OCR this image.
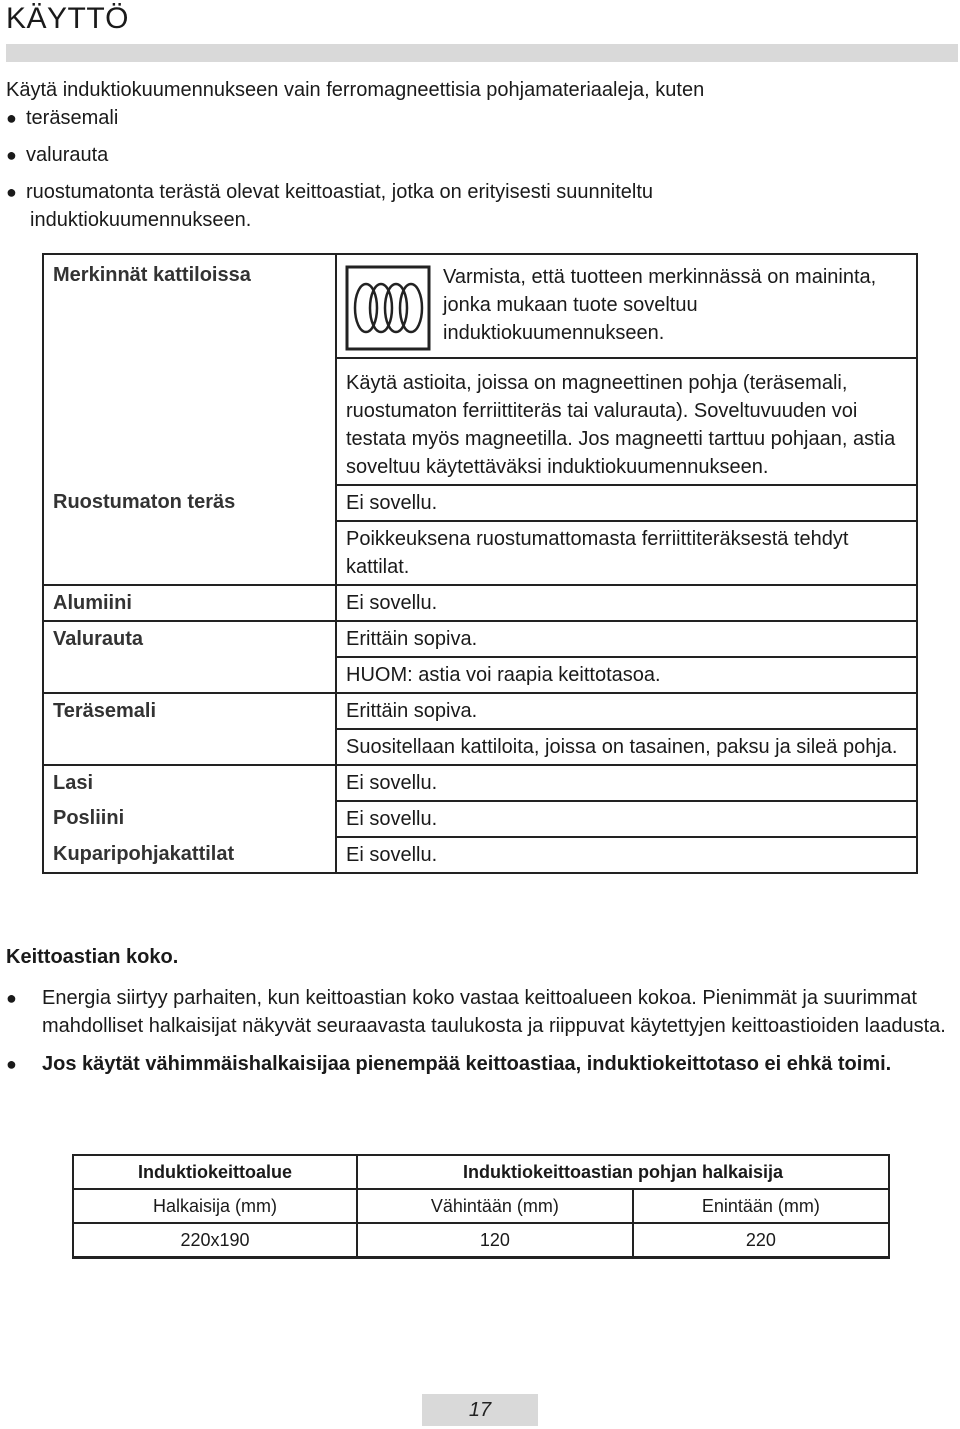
KÄYTTÖ

Käytä induktiokuumennukseen vain ferromagneettisia pohjamateriaaleja, kuten

● teräsemali
● valurauta
● ruostumatonta terästä olevat keittoastiat, jotka on erityisesti suunniteltu
induktiokuumennukseen.
Merkinnät kattiloissa	Varmista, että tuotteen merkinnässä on maininta, jonka mukaan tuote soveltuu induktiokuumennukseen.

	Käytä astioita, joissa on magneettinen pohja (teräsemali, ruostumaton ferriittiteräs tai valurauta). Soveltuvuuden voi testata myös magneetilla. Jos magneetti tarttuu pohjaan, astia soveltuu käytettäväksi induktiokuumennukseen.
Ruostumaton teräs	Ei sovellu.
	Poikkeuksena ruostumattomasta ferriittiteräksestä tehdyt kattilat.
Alumiini	Ei sovellu.
Valurauta	Erittäin sopiva.
	HUOM: astia voi raapia keittotasoa.
Teräsemali	Erittäin sopiva.
	Suositellaan kattiloita, joissa on tasainen, paksu ja sileä pohja.
Lasi	Ei sovellu.
Posliini	Ei sovellu.
Kuparipohjakattilat	Ei sovellu.
Keittoastian koko.
● Energia siirtyy parhaiten, kun keittoastian koko vastaa keittoalueen kokoa. Pienimmät ja suurimmat mahdolliset halkaisijat näkyvät seuraavasta taulukosta ja riippuvat käytettyjen keittoastioiden laadusta.
● Jos käytät vähimmäishalkaisijaa pienempää keittoastiaa, induktiokeittotaso ei ehkä toimi.
Induktiokeittoalue	Induktiokeittoastian pohjan halkaisija	
Halkaisija (mm)	Vähintään (mm)	Enintään (mm)
220x190	120	220
17
